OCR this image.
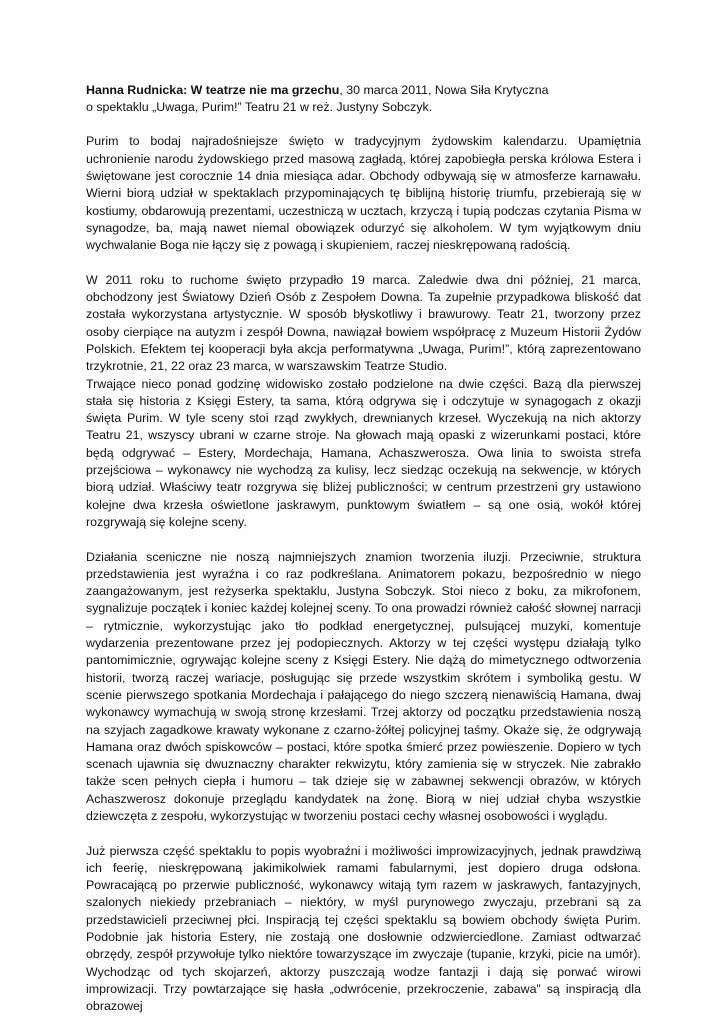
Hanna Rudnicka: W teatrze nie ma grzechu, 30 marca 2011, Nowa Siła Krytyczna
o spektaklu „Uwaga, Purim!” Teatru 21 w reż. Justyny Sobczyk.

Purim to bodaj najradośniejsze święto w tradycyjnym żydowskim kalendarzu. Upamiętnia uchronienie narodu żydowskiego przed masową zagładą, której zapobiegła perska królowa Estera i świętowane jest corocznie 14 dnia miesiąca adar. Obchody odbywają się w atmosferze karnawału. Wierni biorą udział w spektaklach przypominających tę biblijną historię triumfu, przebierają się w kostiumy, obdarowują prezentami, uczestniczą w ucztach, krzyczą i tupią podczas czytania Pisma w synagodze, ba, mają nawet niemal obowiązek odurzyć się alkoholem. W tym wyjątkowym dniu wychwalanie Boga nie łączy się z powagą i skupieniem, raczej nieskrępowaną radością.

W 2011 roku to ruchome święto przypadło 19 marca. Zaledwie dwa dni później, 21 marca, obchodzony jest Światowy Dzień Osób z Zespołem Downa. Ta zupełnie przypadkowa bliskość dat została wykorzystana artystycznie. W sposób błyskotliwy i brawurowy. Teatr 21, tworzony przez osoby cierpiące na autyzm i zespół Downa, nawiązał bowiem współpracę z Muzeum Historii Żydów Polskich. Efektem tej kooperacji była akcja performatywna „Uwaga, Purim!”, którą zaprezentowano trzykrotnie, 21, 22 oraz 23 marca, w warszawskim Teatrze Studio.

Trwające nieco ponad godzinę widowisko zostało podzielone na dwie części. Bazą dla pierwszej stała się historia z Księgi Estery, ta sama, którą odgrywa się i odczytuje w synagogach z okazji święta Purim. W tyle sceny stoi rząd zwykłych, drewnianych krzeseł. Wyczekują na nich aktorzy Teatru 21, wszyscy ubrani w czarne stroje. Na głowach mają opaski z wizerunkami postaci, które będą odgrywać – Estery, Mordechaja, Hamana, Achaszwerosza. Owa linia to swoista strefa przejściowa – wykonawcy nie wychodzą za kulisy, lecz siedząc oczekują na sekwencje, w których biorą udział. Właściwy teatr rozgrywa się bliżej publiczności; w centrum przestrzeni gry ustawiono kolejne dwa krzesła oświetlone jaskrawym, punktowym światłem – są one osią, wokół której rozgrywają się kolejne sceny.

Działania sceniczne nie noszą najmniejszych znamion tworzenia iluzji. Przeciwnie, struktura przedstawienia jest wyraźna i co raz podkreślana. Animatorem pokazu, bezpośrednio w niego zaangażowanym, jest reżyserka spektaklu, Justyna Sobczyk. Stoi nieco z boku, za mikrofonem, sygnalizuje początek i koniec każdej kolejnej sceny. To ona prowadzi również całość słownej narracji – rytmicznie, wykorzystując jako tło podkład energetycznej, pulsującej muzyki, komentuje wydarzenia prezentowane przez jej podopiecznych. Aktorzy w tej części występu działają tylko pantomimicznie, ogrywając kolejne sceny z Księgi Estery. Nie dążą do mimetycznego odtworzenia historii, tworzą raczej wariacje, posługując się przede wszystkim skrótem i symboliką gestu. W scenie pierwszego spotkania Mordechaja i pałającego do niego szczerą nienawiścią Hamana, dwaj wykonawcy wymachują w swoją stronę krzesłami. Trzej aktorzy od początku przedstawienia noszą na szyjach zagadkowe krawaty wykonane z czarno-żółtej policyjnej taśmy. Okaże się, że odgrywają Hamana oraz dwóch spiskowców – postaci, które spotka śmierć przez powieszenie. Dopiero w tych scenach ujawnia się dwuznaczny charakter rekwizytu, który zamienia się w stryczek. Nie zabrakło także scen pełnych ciepła i humoru – tak dzieje się w zabawnej sekwencji obrazów, w których Achaszwerosz dokonuje przeglądu kandydatek na żonę. Biorą w niej udział chyba wszystkie dziewczęta z zespołu, wykorzystując w tworzeniu postaci cechy własnej osobowości i wyglądu.

Już pierwsza część spektaklu to popis wyobraźni i możliwości improwizacyjnych, jednak prawdziwą ich feerię, nieskrępowaną jakimikolwiek ramami fabularnymi, jest dopiero druga odsłona. Powracającą po przerwie publiczność, wykonawcy witają tym razem w jaskrawych, fantazyjnych, szalonych niekiedy przebraniach – niektóry, w myśl purynowego zwyczaju, przebrani są za przedstawicieli przeciwnej płci. Inspiracją tej części spektaklu są bowiem obchody święta Purim. Podobnie jak historia Estery, nie zostają one dosłownie odzwierciedlone. Zamiast odtwarzać obrzędy, zespół przywołuje tylko niektóre towarzyszące im zwyczaje (tupanie, krzyki, picie na umór). Wychodząc od tych skojarzeń, aktorzy puszczają wodze fantazji i dają się porwać wirowi improwizacji. Trzy powtarzające się hasła „odwrócenie, przekroczenie, zabawa” są inspiracją dla obrazowej
